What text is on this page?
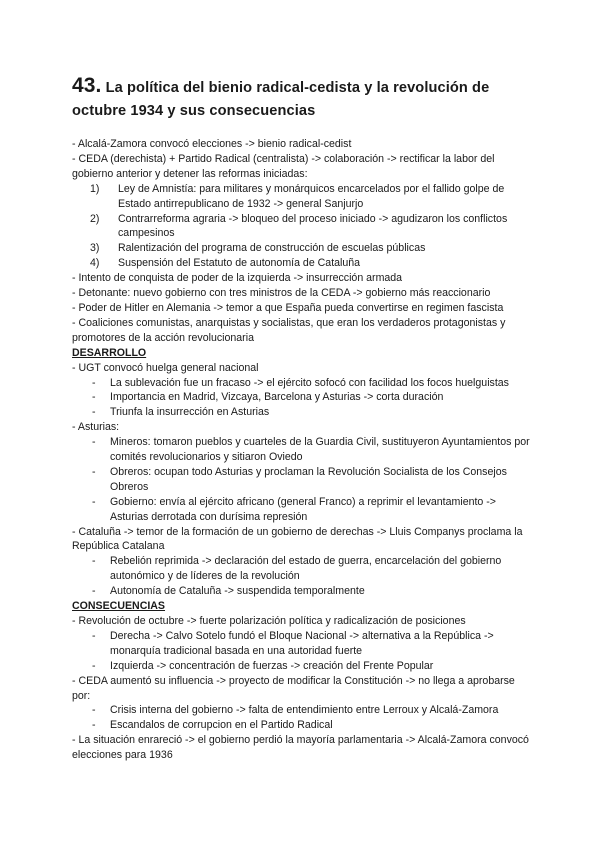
43. La política del bienio radical-cedista y la revolución de octubre 1934 y sus consecuencias

- Alcalá-Zamora convocó elecciones -> bienio radical-cedist

- CEDA (derechista) + Partido Radical (centralista) -> colaboración -> rectificar la labor del gobierno anterior y detener las reformas iniciadas:

1) Ley de Amnistía: para militares y monárquicos encarcelados por el fallido golpe de Estado antirrepublicano de 1932 -> general Sanjurjo
2) Contrarreforma agraria -> bloqueo del proceso iniciado -> agudizaron los conflictos campesinos
3) Ralentización del programa de construcción de escuelas públicas
4) Suspensión del Estatuto de autonomía de Cataluña

- Intento de conquista de poder de la izquierda -> insurrección armada

- Detonante: nuevo gobierno con tres ministros de la CEDA -> gobierno más reaccionario

- Poder de Hitler en Alemania -> temor a que España pueda convertirse en regimen fascista

- Coaliciones comunistas, anarquistas y socialistas, que eran los verdaderos protagonistas y promotores de la acción revolucionaria

DESARROLLO

- UGT convocó huelga general nacional

- La sublevación fue un fracaso -> el ejército sofocó con facilidad los focos huelguistas
- Importancia en Madrid, Vizcaya, Barcelona y Asturias -> corta duración
- Triunfa la insurrección en Asturias

- Asturias:

- Mineros: tomaron pueblos y cuarteles de la Guardia Civil, sustituyeron Ayuntamientos por comités revolucionarios y sitiaron Oviedo
- Obreros: ocupan todo Asturias y proclaman la Revolución Socialista de los Consejos Obreros
- Gobierno: envía al ejército africano (general Franco) a reprimir el levantamiento -> Asturias derrotada con durísima represión

- Cataluña -> temor de la formación de un gobierno de derechas -> Lluis Companys proclama la República Catalana

- Rebelión reprimida -> declaración del estado de guerra, encarcelación del gobierno autonómico y de líderes de la revolución
- Autonomía de Cataluña -> suspendida temporalmente

CONSECUENCIAS

- Revolución de octubre -> fuerte polarización política y radicalización de posiciones

- Derecha -> Calvo Sotelo fundó el Bloque Nacional -> alternativa a la República -> monarquía tradicional basada en una autoridad fuerte
- Izquierda -> concentración de fuerzas -> creación del Frente Popular

- CEDA aumentó su influencia -> proyecto de modificar la Constitución -> no llega a aprobarse por:

- Crisis interna del gobierno -> falta de entendimiento entre Lerroux y Alcalá-Zamora
- Escandalos de corrupcion en el Partido Radical

- La situación enrareció -> el gobierno perdió la mayoría parlamentaria -> Alcalá-Zamora convocó elecciones para 1936
